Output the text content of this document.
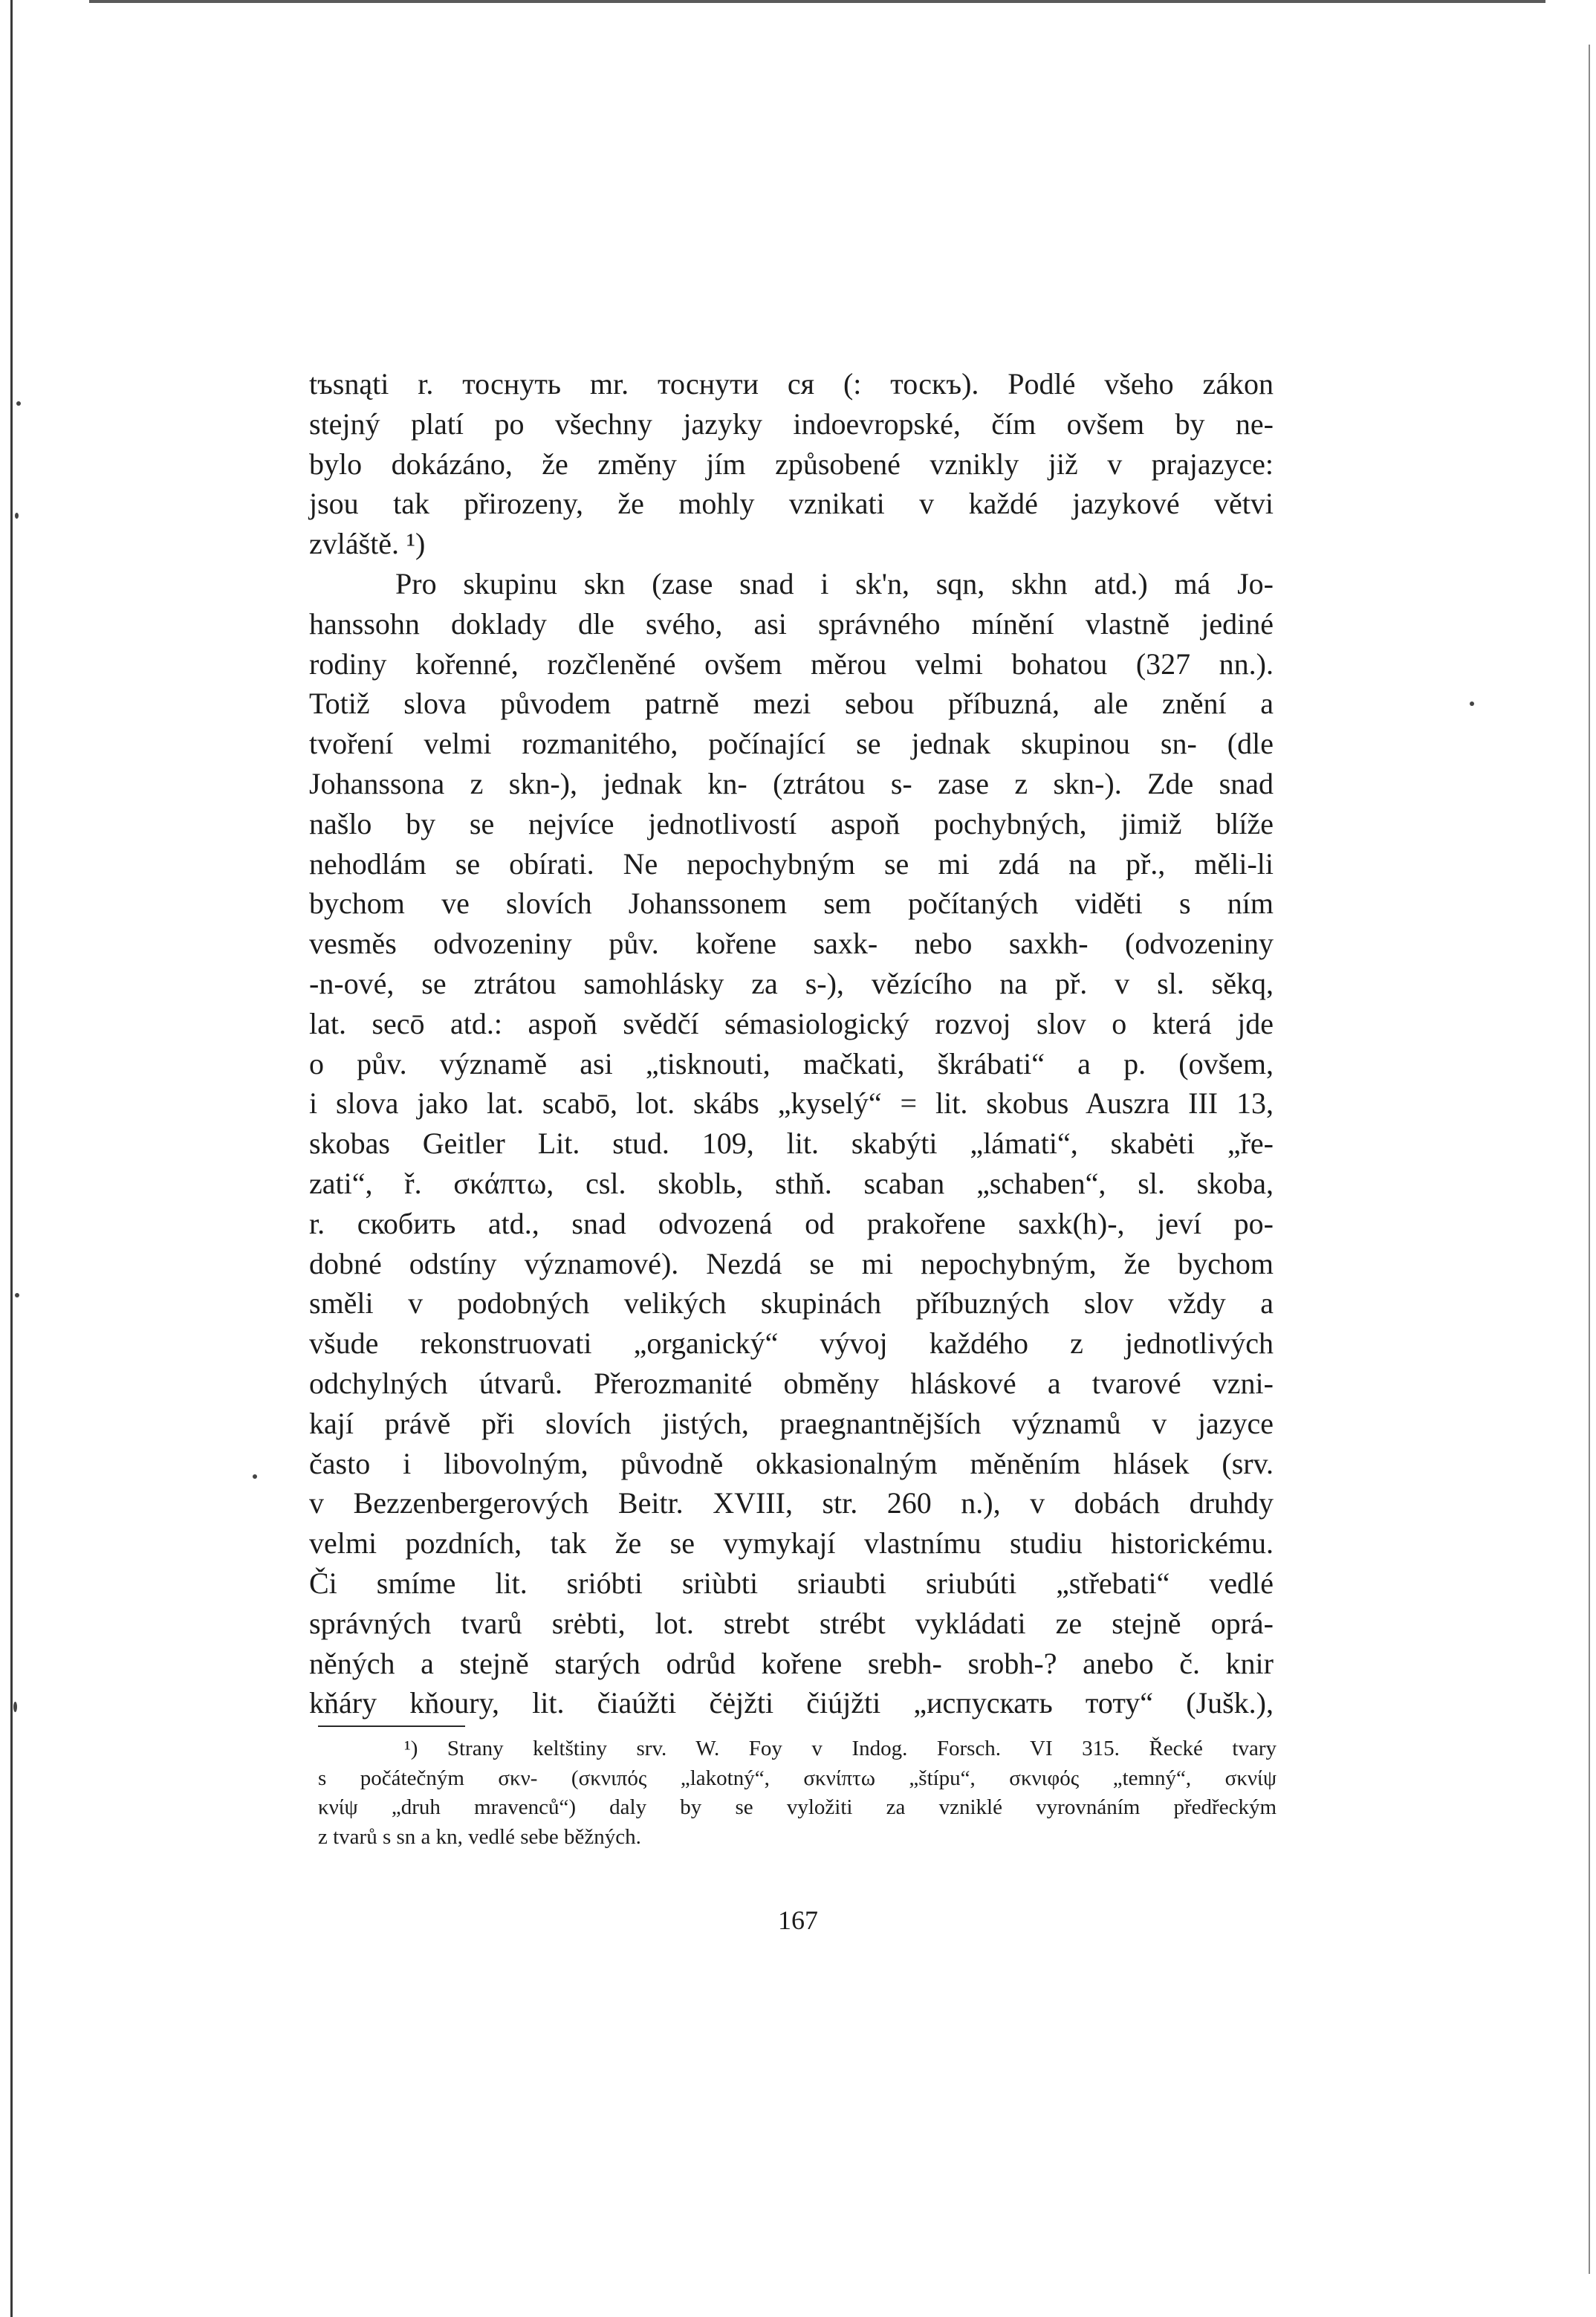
tъsnąti r. тоснуть mr. тоснути ся (: тоскъ). Podlé všeho zákon
stejný platí po všechny jazyky indoevropské, čím ovšem by ne-
bylo dokázáno, že změny jím způsobené vznikly již v prajazyce:
jsou tak přirozeny, že mohly vznikati v každé jazykové větvi
zvláště. ¹)
Pro skupinu skn (zase snad i sk'n, sqn, skhn atd.) má Jo-
hanssohn doklady dle svého, asi správného mínění vlastně jediné
rodiny kořenné, rozčleněné ovšem měrou velmi bohatou (327 nn.).
Totiž slova původem patrně mezi sebou příbuzná, ale znění a
tvoření velmi rozmanitého, počínající se jednak skupinou sn- (dle
Johanssona z skn-), jednak kn- (ztrátou s- zase z skn-). Zde snad
našlo by se nejvíce jednotlivostí aspoň pochybných, jimiž blíže
nehodlám se obírati. Ne nepochybným se mi zdá na př., měli-li
bychom ve slovích Johanssonem sem počítaných viděti s ním
vesměs odvozeniny pův. kořene saxk- nebo saxkh- (odvozeniny
-n-ové, se ztrátou samohlásky za s-), vězícího na př. v sl. sěkq,
lat. secō atd.: aspoň svědčí sémasiologický rozvoj slov o která jde
o pův. významě asi „tisknouti, mačkati, škrábati“ a p. (ovšem,
i slova jako lat. scabō, lot. skábs „kyselý“ = lit. skobus Auszra III 13,
skobas Geitler Lit. stud. 109, lit. skabýti „lámati“, skabėti „ře-
zati“, ř. σκάπτω, csl. skoblь, sthň. scaban „schaben“, sl. skoba,
r. скобить atd., snad odvozená od prakořene saxk(h)-, jeví po-
dobné odstíny významové). Nezdá se mi nepochybným, že bychom
směli v podobných velikých skupinách příbuzných slov vždy a
všude rekonstruovati „organický“ vývoj každého z jednotlivých
odchylných útvarů. Přerozmanité obměny hláskové a tvarové vzni-
kají právě při slovích jistých, praegnantnějších významů v jazyce
často i libovolným, původně okkasionalným měněním hlásek (srv.
v Bezzenbergerových Beitr. XVIII, str. 260 n.), v dobách druhdy
velmi pozdních, tak že se vymykají vlastnímu studiu historickému.
Či smíme lit. srióbti sriùbti sriaubti sriubúti „střebati“ vedlé
správných tvarů srėbti, lot. strebt strébt vykládati ze stejně oprá-
něných a stejně starých odrůd kořene srebh- srobh-? anebo č. knir
kňáry kňoury, lit. čiaúžti čėjžti čiújžti „испускать тоту“ (Jušk.),
¹) Strany keltštiny srv. W. Foy v Indog. Forsch. VI 315. Řecké tvary
s počátečným σκν- (σκνιπός „lakotný“, σκνίπτω „štípu“, σκνιφός „temný“, σκνίψ
κνίψ „druh mravenců“) daly by se vyložiti za vzniklé vyrovnáním předřeckým
z tvarů s sn a kn, vedlé sebe běžných.
167
